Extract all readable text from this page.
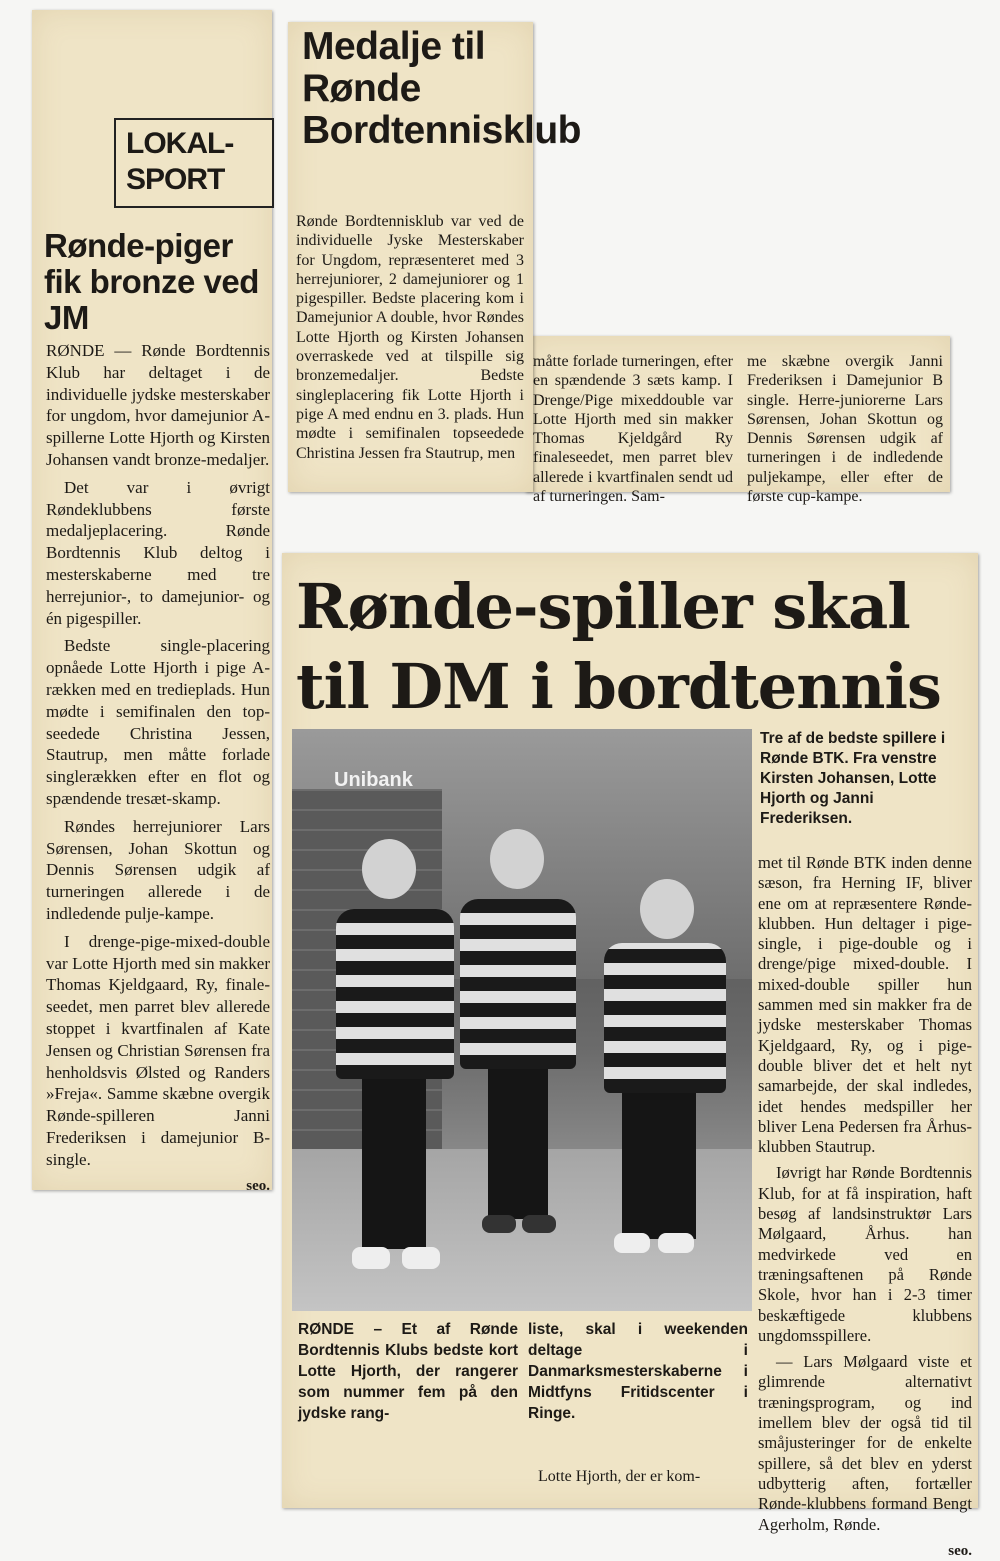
LOKAL-
SPORT
Rønde-piger fik bronze ved JM

RØNDE — Rønde Bordtennis Klub har deltaget i de individuelle jydske mesterskaber for ungdom, hvor damejunior A-spillerne Lotte Hjorth og Kirsten Johansen vandt bronze-medaljer.

Det var i øvrigt Røndeklubbens første medaljeplacering. Rønde Bordtennis Klub deltog i mesterskaberne med tre herrejunior-, to damejunior- og én pigespiller.

Bedste single-placering opnåede Lotte Hjorth i pige A-rækken med en tredieplads. Hun mødte i semifinalen den top-seedede Christina Jessen, Stautrup, men måtte forlade singlerækken efter en flot og spændende tresæt-skamp.

Røndes herrejuniorer Lars Sørensen, Johan Skottun og Dennis Sørensen udgik af turneringen allerede i de indledende pulje-kampe.

I drenge-pige-mixed-double var Lotte Hjorth med sin makker Thomas Kjeldgaard, Ry, finale-seedet, men parret blev allerede stoppet i kvartfinalen af Kate Jensen og Christian Sørensen fra henholdsvis Ølsted og Randers »Freja«. Samme skæbne overgik Rønde-spilleren Janni Frederiksen i damejunior B-single.

seo.

måtte forlade turneringen, efter en spændende 3 sæts kamp. I Drenge/Pige mixeddouble var Lotte Hjorth med sin makker Thomas Kjeldgård Ry finaleseedet, men parret blev allerede i kvartfinalen sendt ud af turneringen. Sam-

me skæbne overgik Janni Frederiksen i Damejunior B single. Herre-juniorerne Lars Sørensen, Johan Skottun og Dennis Sørensen udgik af turneringen i de indledende puljekampe, eller efter de første cup-kampe.

Medalje til Rønde Bordtennisklub

Rønde Bordtennisklub var ved de individuelle Jyske Mesterskaber for Ungdom, repræsenteret med 3 herrejuniorer, 2 damejuniorer og 1 pigespiller. Bedste placering kom i Damejunior A double, hvor Røndes Lotte Hjorth og Kirsten Johansen overraskede ved at tilspille sig bronzemedaljer. Bedste singleplacering fik Lotte Hjorth i pige A med endnu en 3. plads. Hun mødte i semifinalen topseedede Christina Jessen fra Stautrup, men

Rønde-spiller skal
til DM i bordtennis
Unibank

Tre af de bedste spillere i Rønde BTK. Fra venstre Kirsten Johansen, Lotte Hjorth og Janni Frederiksen.

met til Rønde BTK inden denne sæson, fra Herning IF, bliver ene om at repræsentere Rønde-klubben. Hun deltager i pige-single, i pige-double og i drenge/pige mixed-double. I mixed-double spiller hun sammen med sin makker fra de jydske mesterskaber Thomas Kjeldgaard, Ry, og i pige-double bliver det et helt nyt samarbejde, der skal indledes, idet hendes medspiller her bliver Lena Pedersen fra Århus-klubben Stautrup.

Iøvrigt har Rønde Bordtennis Klub, for at få inspiration, haft besøg af landsinstruktør Lars Mølgaard, Århus. han medvirkede ved en træningsaftenen på Rønde Skole, hvor han i 2-3 timer beskæftigede klubbens ungdomsspillere.

— Lars Mølgaard viste et glimrende alternativt træningsprogram, og ind imellem blev der også tid til småjusteringer for de enkelte spillere, så det blev en yderst udbytterig aften, fortæller Rønde-klubbens formand Bengt Agerholm, Rønde.

seo.

RØNDE – Et af Rønde Bordtennis Klubs bedste kort Lotte Hjorth, der rangerer som nummer fem på den jydske rang-

liste, skal i weekenden deltage i Danmarksmesterskaberne i Midtfyns Fritidscenter i Ringe.

Lotte Hjorth, der er kom-
